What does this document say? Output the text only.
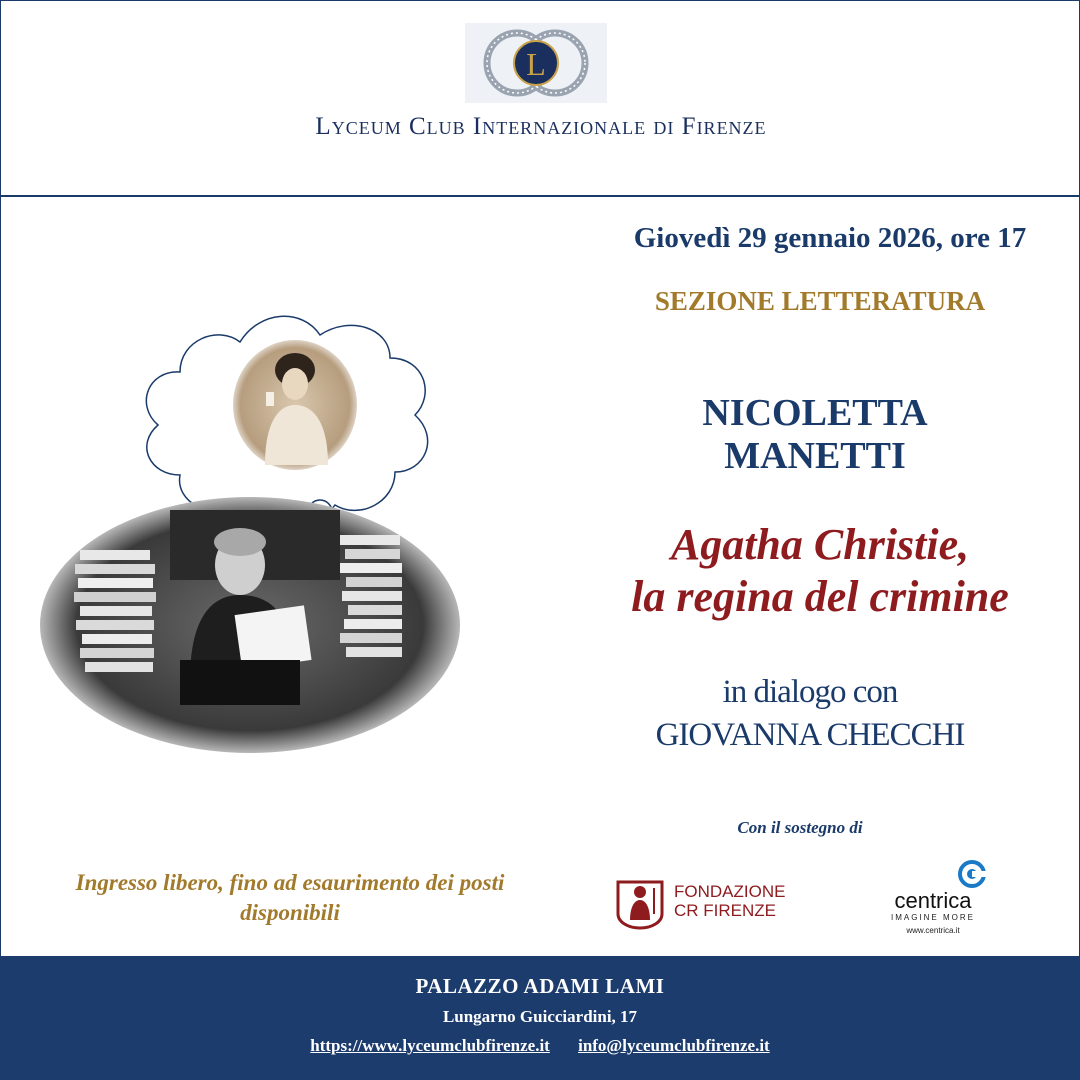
L
Lyceum Club Internazionale di Firenze
Giovedì 29 gennaio 2026, ore 17
SEZIONE LETTERATURA
NICOLETTA
MANETTI
Agatha Christie,
la regina del crimine
in dialogo con
GIOVANNA CHECCHI
Con il sostegno di
Ingresso libero, fino ad esaurimento dei posti disponibili
FONDAZIONE
CR FIRENZE	centrica
IMAGINE MORE
www.centrica.it
PALAZZO ADAMI LAMI
Lungarno Guicciardini, 17
https://www.lyceumclubfirenze.it info@lyceumclubfirenze.it
